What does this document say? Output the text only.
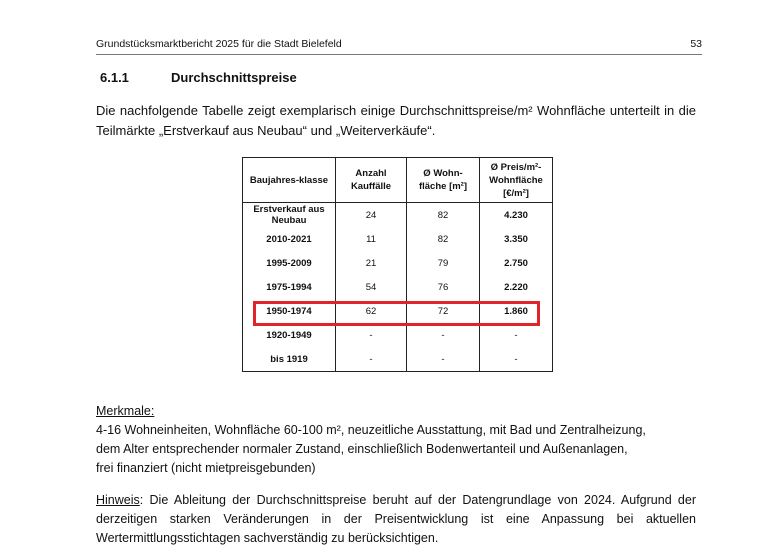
Grundstücksmarktbericht 2025 für die Stadt Bielefeld	53
6.1.1	Durchschnittspreise
Die nachfolgende Tabelle zeigt exemplarisch einige Durchschnittspreise/m² Wohnfläche unterteilt in die Teilmärkte „Erstverkauf aus Neubau“ und „Weiterverkäufe“.
Baujahres-klasse	Anzahl Kauffälle	Ø Wohn-fläche [m²]	Ø Preis/m²-Wohnfläche [€/m²]
Erstverkauf aus Neubau	24	82	4.230
2010-2021	11	82	3.350
1995-2009	21	79	2.750
1975-1994	54	76	2.220
1950-1974	62	72	1.860
1920-1949	-	-	-
bis 1919	-	-	-
Merkmale:
4-16 Wohneinheiten, Wohnfläche 60-100 m², neuzeitliche Ausstattung, mit Bad und Zentralheizung,
dem Alter entsprechender normaler Zustand, einschließlich Bodenwertanteil und Außenanlagen,
frei finanziert (nicht mietpreisgebunden)
Hinweis: Die Ableitung der Durchschnittspreise beruht auf der Datengrundlage von 2024. Aufgrund der derzeitigen starken Veränderungen in der Preisentwicklung ist eine Anpassung bei aktuellen Wertermittlungsstichtagen sachverständig zu berücksichtigen.
